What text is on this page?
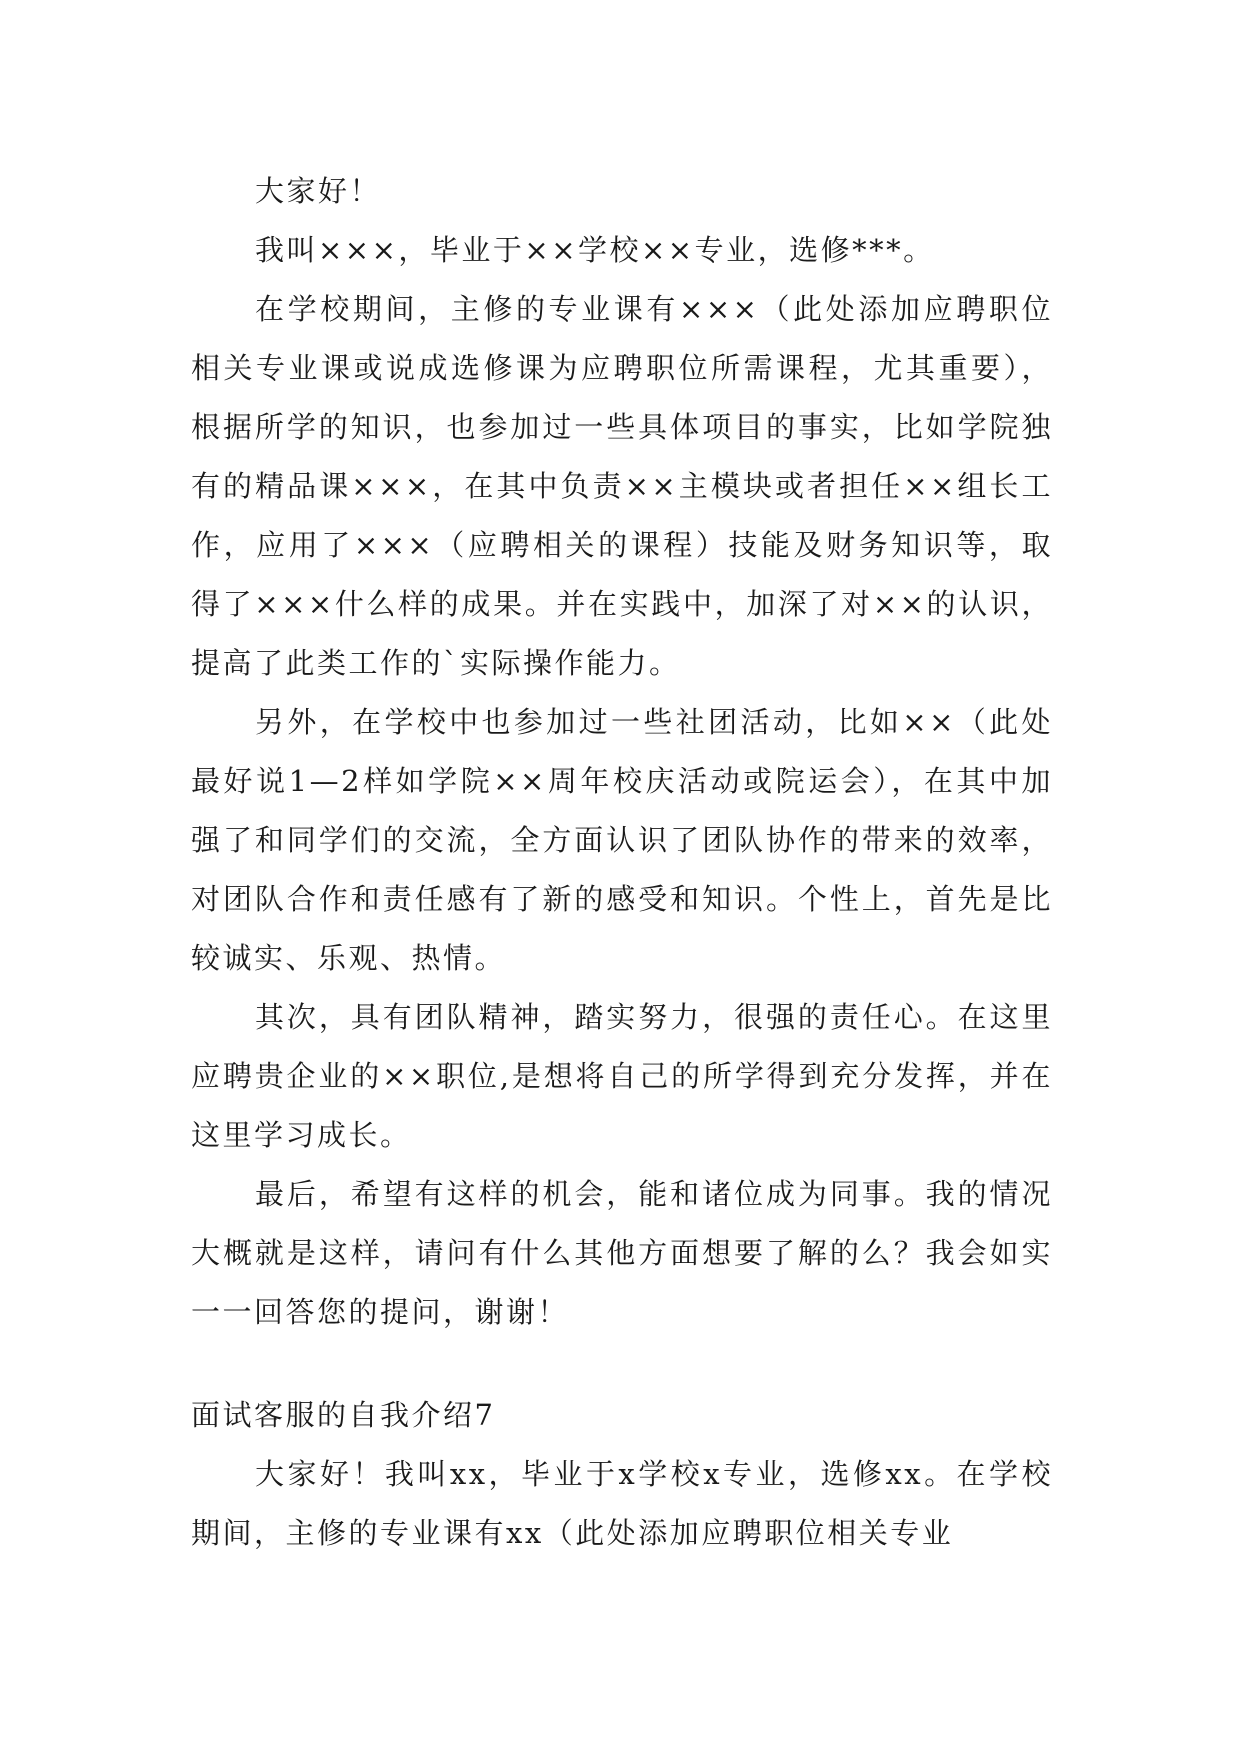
大家好！

我叫×××，毕业于××学校××专业，选修***。

在学校期间，主修的专业课有×××（此处添加应聘职位相关专业课或说成选修课为应聘职位所需课程，尤其重要），根据所学的知识，也参加过一些具体项目的事实，比如学院独有的精品课×××，在其中负责××主模块或者担任××组长工作，应用了×××（应聘相关的课程）技能及财务知识等，取得了×××什么样的成果。并在实践中，加深了对××的认识，提高了此类工作的`实际操作能力。

另外，在学校中也参加过一些社团活动，比如××（此处最好说1—2样如学院××周年校庆活动或院运会），在其中加强了和同学们的交流，全方面认识了团队协作的带来的效率，对团队合作和责任感有了新的感受和知识。个性上，首先是比较诚实、乐观、热情。

其次，具有团队精神，踏实努力，很强的责任心。在这里应聘贵企业的××职位,是想将自己的所学得到充分发挥，并在这里学习成长。

最后，希望有这样的机会，能和诸位成为同事。我的情况大概就是这样，请问有什么其他方面想要了解的么？我会如实一一回答您的提问，谢谢！

面试客服的自我介绍7

大家好！我叫xx，毕业于x学校x专业，选修xx。在学校期间，主修的专业课有xx（此处添加应聘职位相关专业
